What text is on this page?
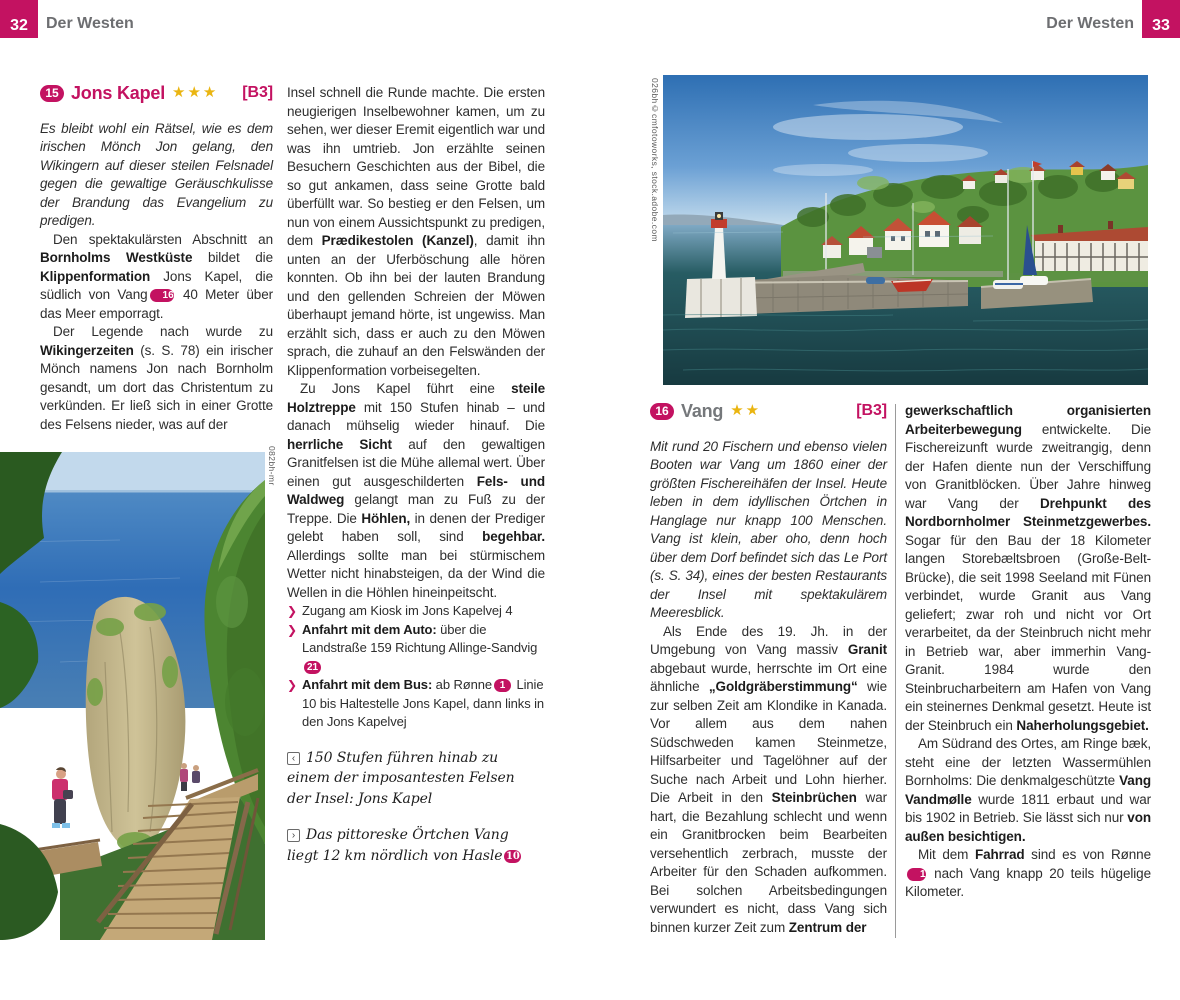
32	Der Westen	Der Westen	33
15 Jons Kapel ★★★ [B3]

Es bleibt wohl ein Rätsel, wie es dem irischen Mönch Jon gelang, den Wikingern auf dieser steilen Felsnadel gegen die gewaltige Geräuschkulisse der Brandung das Evangelium zu predigen.

Den spektakulärsten Abschnitt an Bornholms Westküste bildet die Klippenformation Jons Kapel, die südlich von Vang 16 40 Meter über das Meer emporragt.

Der Legende nach wurde zu Wikingerzeiten (s. S. 78) ein irischer Mönch namens Jon nach Bornholm gesandt, um dort das Christentum zu verkünden. Er ließ sich in einer Grotte des Felsens nieder, was auf der

Insel schnell die Runde machte. Die ersten neugierigen Inselbewohner kamen, um zu sehen, wer dieser Eremit eigentlich war und was ihn umtrieb. Jon erzählte seinen Besuchern Geschichten aus der Bibel, die so gut ankamen, dass seine Grotte bald überfüllt war. So bestieg er den Felsen, um nun von einem Aussichtspunkt zu predigen, dem Prædikestolen (Kanzel), damit ihn unten an der Uferböschung alle hören konnten. Ob ihn bei der lauten Brandung und den gellenden Schreien der Möwen überhaupt jemand hörte, ist ungewiss. Man erzählt sich, dass er auch zu den Möwen sprach, die zuhauf an den Felswänden der Klippenformation vorbeisegelten.

Zu Jons Kapel führt eine steile Holztreppe mit 150 Stufen hinab – und danach mühselig wieder hinauf. Die herrliche Sicht auf den gewaltigen Granitfelsen ist die Mühe allemal wert. Über einen gut ausgeschilderten Fels- und Waldweg gelangt man zu Fuß zu der Treppe. Die Höhlen, in denen der Prediger gelebt haben soll, sind begehbar. Allerdings sollte man bei stürmischem Wetter nicht hinabsteigen, da der Wind die Wellen in die Höhlen hineinpeitscht.

❯ Zugang am Kiosk im Jons Kapelvej 4
❯ Anfahrt mit dem Auto: über die Landstraße 159 Richtung Allinge-Sandvig21
❯ Anfahrt mit dem Bus: ab Rønne 1 Linie 10 bis Haltestelle Jons Kapel, dann links in den Jons Kapelvej
‹ 150 Stufen führen hinab zu einem der imposantesten Felsen der Insel: Jons Kapel
› Das pittoreske Örtchen Vang liegt 12 km nördlich von Hasle 10
082bh-mr
026bh©cmfotoworks, stock.adobe.com
16 Vang ★★	[B3]

Mit rund 20 Fischern und ebenso vielen Booten war Vang um 1860 einer der größten Fischereihäfen der Insel. Heute leben in dem idyllischen Örtchen in Hanglage nur knapp 100 Menschen. Vang ist klein, aber oho, denn hoch über dem Dorf befindet sich das Le Port (s. S. 34), eines der besten Restaurants der Insel mit spektakulärem Meeresblick.

Als Ende des 19. Jh. in der Umgebung von Vang massiv Granit abgebaut wurde, herrschte im Ort eine ähnliche „Goldgräberstimmung“ wie zur selben Zeit am Klondike in Kanada. Vor allem aus dem nahen Südschweden kamen Steinmetze, Hilfsarbeiter und Tagelöhner auf der Suche nach Arbeit und Lohn hierher. Die Arbeit in den Steinbrüchen war hart, die Bezahlung schlecht und wenn ein Granitbrocken beim Bearbeiten versehentlich zerbrach, musste der Arbeiter für den Schaden aufkommen. Bei solchen Arbeitsbedingungen verwundert es nicht, dass Vang sich binnen kurzer Zeit zum Zentrum der

gewerkschaftlich organisierten Arbeiterbewegung entwickelte. Die Fischereizunft wurde zweitrangig, denn der Hafen diente nun der Verschiffung von Granitblöcken. Über Jahre hinweg war Vang der Drehpunkt des Nordbornholmer Steinmetzgewerbes. Sogar für den Bau der 18 Kilometer langen Storebæltsbroen (Große-Belt-Brücke), die seit 1998 Seeland mit Fünen verbindet, wurde Granit aus Vang geliefert; zwar roh und nicht vor Ort verarbeitet, da der Steinbruch nicht mehr in Betrieb war, aber immerhin Vang-Granit. 1984 wurde den Steinbrucharbeitern am Hafen von Vang ein steinernes Denkmal gesetzt. Heute ist der Steinbruch ein Naherholungsgebiet.

Am Südrand des Ortes, am Ringe bæk, steht eine der letzten Wassermühlen Bornholms: Die denkmalgeschützte Vang Vandmølle wurde 1811 erbaut und war bis 1902 in Betrieb. Sie lässt sich nur von außen besichtigen.

Mit dem Fahrrad sind es von Rønne1 nach Vang knapp 20 teils hügelige Kilometer.
